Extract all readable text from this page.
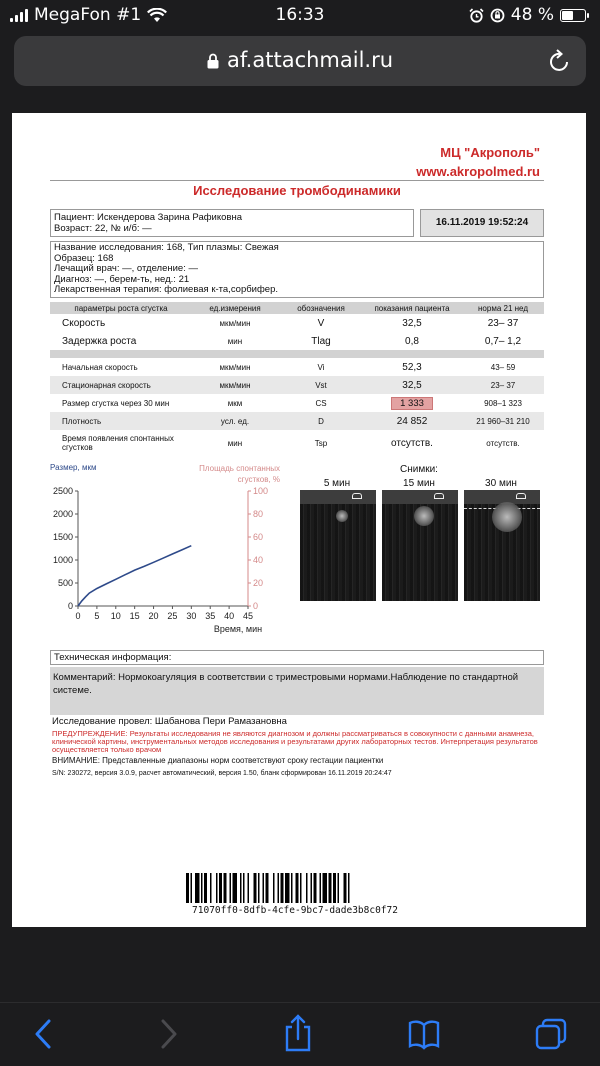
MegaFon #1	16:33	48 %
af.attachmail.ru
МЦ "Акрополь"
www.akropolmed.ru
Исследование тромбодинамики
Пациент: Искендерова Зарина Рафиковна
Возраст: 22, № и/б: —
16.11.2019 19:52:24
Название исследования: 168, Тип плазмы: Свежая
Образец: 168
Лечащий врач: —, отделение: —
Диагноз: —, берем-ть, нед.: 21
Лекарственная терапия: фолиевая к-та,сорбифер.
параметры роста сгустка	ед.измерения	обозначения	показания пациента	норма 21 нед
Скорость	мкм/мин	V	32,5	23– 37
Задержка роста	мин	Tlag	0,8	0,7– 1,2

Начальная скорость	мкм/мин	Vi	52,3	43– 59
Стационарная скорость	мкм/мин	Vst	32,5	23– 37
Размер сгустка через 30 мин	мкм	CS	1 333	908–1 323
Плотность	усл. ед.	D	24 852	21 960–31 210
Время появления спонтанных сгустков	мин	Tsp	отсутств.	отсутств.
Размер, мкм	Площадь спонтанных сгустков, %
0
500
1000
1500
2000
2500
0
20
40
60
80
100
0 5 10 15 20 25 30 35 40 45
Время, мин
Снимки:
5 мин	15 мин	30 мин
Техническая информация:
Комментарий: Нормокоагуляция в соответствии с триместровыми нормами.Наблюдение по стандартной системе.
Исследование провел: Шабанова Пери Рамазановна
ПРЕДУПРЕЖДЕНИЕ: Результаты исследования не являются диагнозом и должны рассматриваться в совокупности с данными анамнеза, клинической картины, инструментальных методов исследования и результатами других лабораторных тестов. Интерпретация результатов осуществляется только врачом
ВНИМАНИЕ: Представленные диапазоны норм соответствуют сроку гестации пациентки
S/N: 230272, версия 3.0.9, расчет автоматический, версия 1.50, бланк сформирован 16.11.2019 20:24:47
71070ff0-8dfb-4cfe-9bc7-dade3b8c0f72
